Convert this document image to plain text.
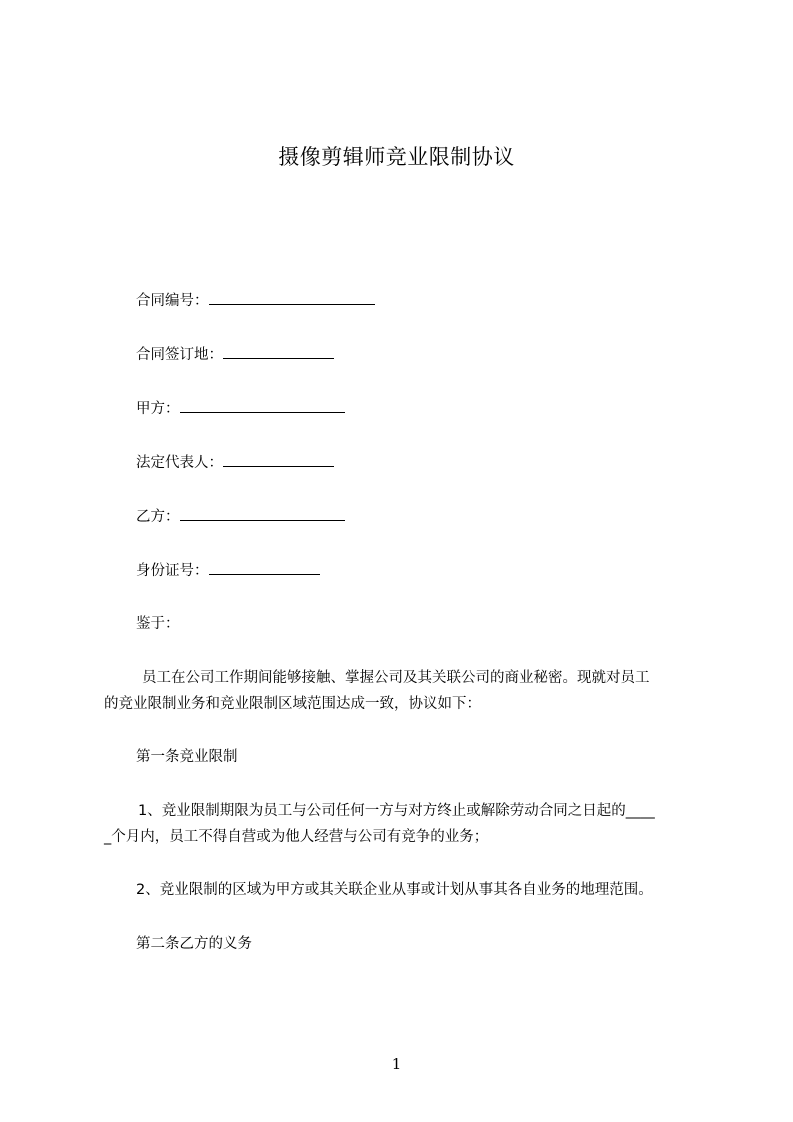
摄像剪辑师竞业限制协议
合同编号：
合同签订地：
甲方：
法定代表人：
乙方：
身份证号：
鉴于：
员工在公司工作期间能够接触、掌握公司及其关联公司的商业秘密。现就对员工
的竞业限制业务和竞业限制区域范围达成一致，协议如下：
第一条竞业限制
1、竞业限制期限为员工与公司任何一方与对方终止或解除劳动合同之日起的____
_个月内，员工不得自营或为他人经营与公司有竞争的业务；
2、竞业限制的区域为甲方或其关联企业从事或计划从事其各自业务的地理范围。
第二条乙方的义务
1
